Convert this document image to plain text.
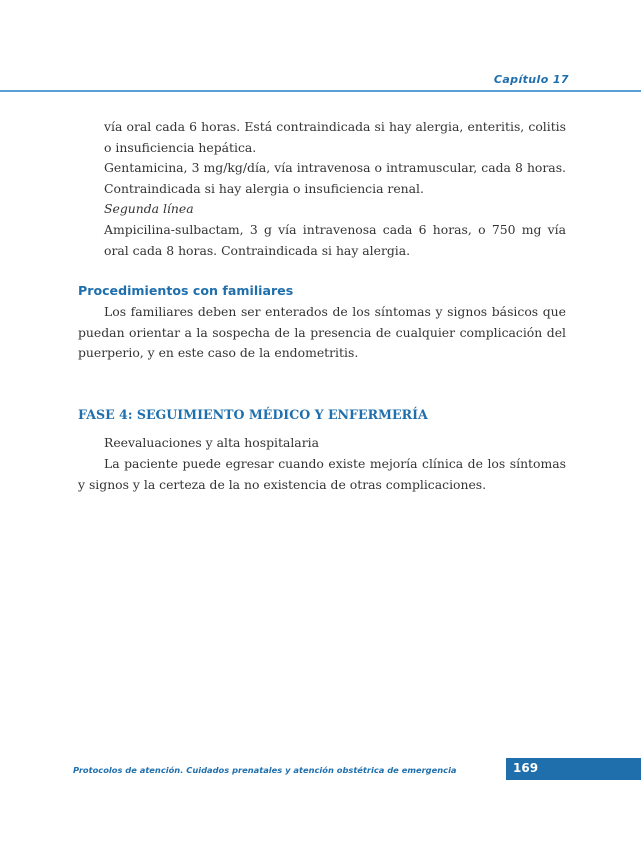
Capítulo 17

vía oral cada 6 horas. Está contraindicada si hay alergia, enteritis, colitis o insuficiencia hepática.

Gentamicina, 3 mg/kg/día, vía intravenosa o intramuscular, cada 8 horas. Contraindicada si hay alergia o insuficiencia renal.

Segunda línea

Ampicilina-sulbactam, 3 g vía intravenosa cada 6 horas, o 750 mg vía oral cada 8 horas. Contraindicada si hay alergia.

Procedimientos con familiares

Los familiares deben ser enterados de los síntomas y signos básicos que puedan orientar a la sospecha de la presencia de cualquier complicación del puerperio, y en este caso de la endometritis.

FASE 4: SEGUIMIENTO MÉDICO Y ENFERMERÍA

Reevaluaciones y alta hospitalaria

La paciente puede egresar cuando existe mejoría clínica de los síntomas y signos y la certeza de la no existencia de otras complicaciones.

Protocolos de atención. Cuidados prenatales y atención obstétrica de emergencia	169
